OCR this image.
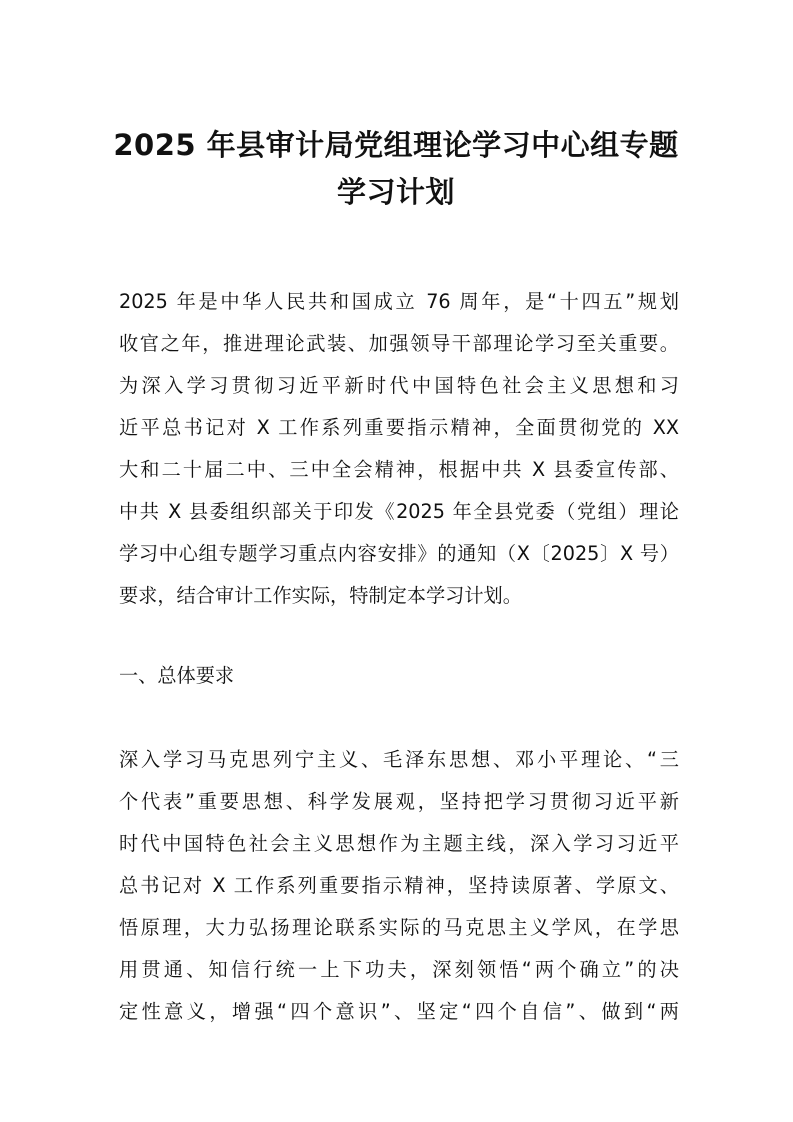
2025 年县审计局党组理论学习中心组专题
学习计划
2025 年是中华人民共和国成立 76 周年，是“十四五”规划
收官之年，推进理论武装、加强领导干部理论学习至关重要。
为深入学习贯彻习近平新时代中国特色社会主义思想和习
近平总书记对 X 工作系列重要指示精神，全面贯彻党的 XX
大和二十届二中、三中全会精神，根据中共 X 县委宣传部、
中共 X 县委组织部关于印发《2025 年全县党委（党组）理论
学习中心组专题学习重点内容安排》的通知（X〔2025〕X 号）
要求，结合审计工作实际，特制定本学习计划。
一、总体要求
深入学习马克思列宁主义、毛泽东思想、邓小平理论、“三
个代表”重要思想、科学发展观，坚持把学习贯彻习近平新
时代中国特色社会主义思想作为主题主线，深入学习习近平
总书记对 X 工作系列重要指示精神，坚持读原著、学原文、
悟原理，大力弘扬理论联系实际的马克思主义学风，在学思
用贯通、知信行统一上下功夫，深刻领悟“两个确立”的决
定性意义，增强“四个意识”、坚定“四个自信”、做到“两
